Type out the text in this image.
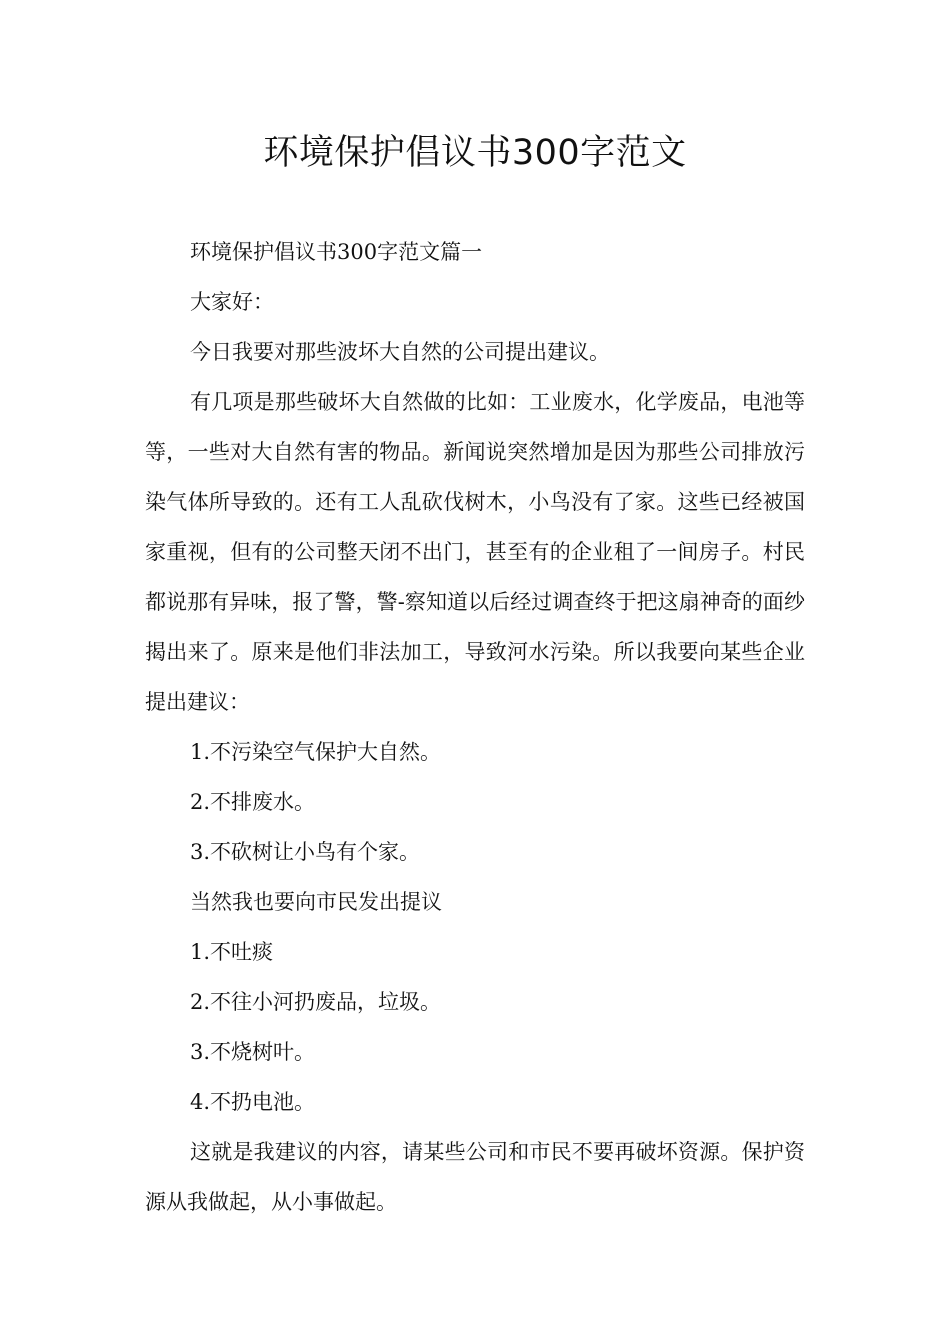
环境保护倡议书300字范文

环境保护倡议书300字范文篇一

大家好：

今日我要对那些波坏大自然的公司提出建议。

有几项是那些破坏大自然做的比如：工业废水，化学废品，电池等等，一些对大自然有害的物品。新闻说突然增加是因为那些公司排放污染气体所导致的。还有工人乱砍伐树木，小鸟没有了家。这些已经被国家重视，但有的公司整天闭不出门，甚至有的企业租了一间房子。村民都说那有异味，报了警，警-察知道以后经过调查终于把这扇神奇的面纱揭出来了。原来是他们非法加工，导致河水污染。所以我要向某些企业提出建议：

1.不污染空气保护大自然。

2.不排废水。

3.不砍树让小鸟有个家。

当然我也要向市民发出提议

1.不吐痰

2.不往小河扔废品，垃圾。

3.不烧树叶。

4.不扔电池。

这就是我建议的内容，请某些公司和市民不要再破坏资源。保护资源从我做起，从小事做起。
